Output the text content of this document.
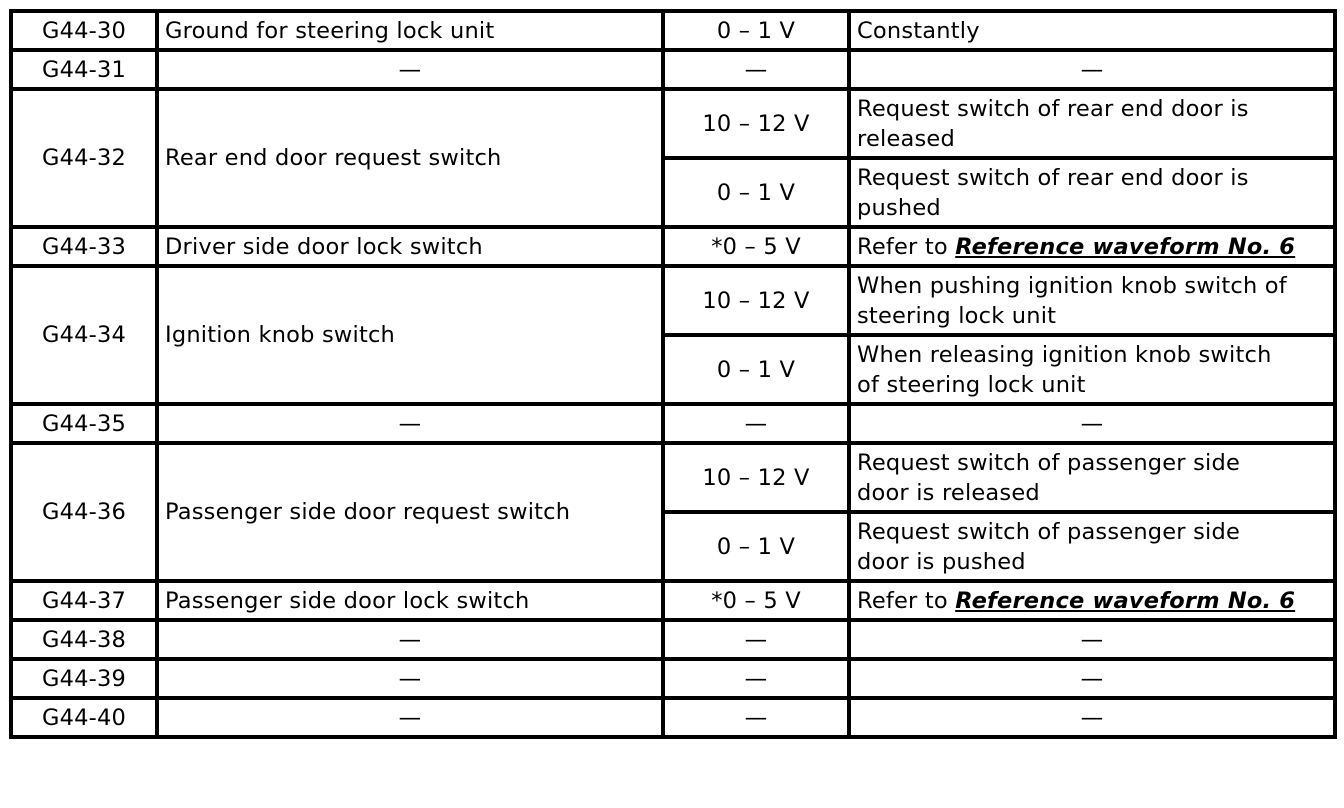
G44-30	Ground for steering lock unit	0 – 1 V	Constantly
G44-31	—	—	—
G44-32	Rear end door request switch	10 – 12 V	Request switch of rear end door is
released
		0 – 1 V	Request switch of rear end door is
pushed
G44-33	Driver side door lock switch	*0 – 5 V	Refer to Reference waveform No. 6
G44-34	Ignition knob switch	10 – 12 V	When pushing ignition knob switch of
steering lock unit
		0 – 1 V	When releasing ignition knob switch
of steering lock unit
G44-35	—	—	—
G44-36	Passenger side door request switch	10 – 12 V	Request switch of passenger side
door is released
		0 – 1 V	Request switch of passenger side
door is pushed
G44-37	Passenger side door lock switch	*0 – 5 V	Refer to Reference waveform No. 6
G44-38	—	—	—
G44-39	—	—	—
G44-40	—	—	—
